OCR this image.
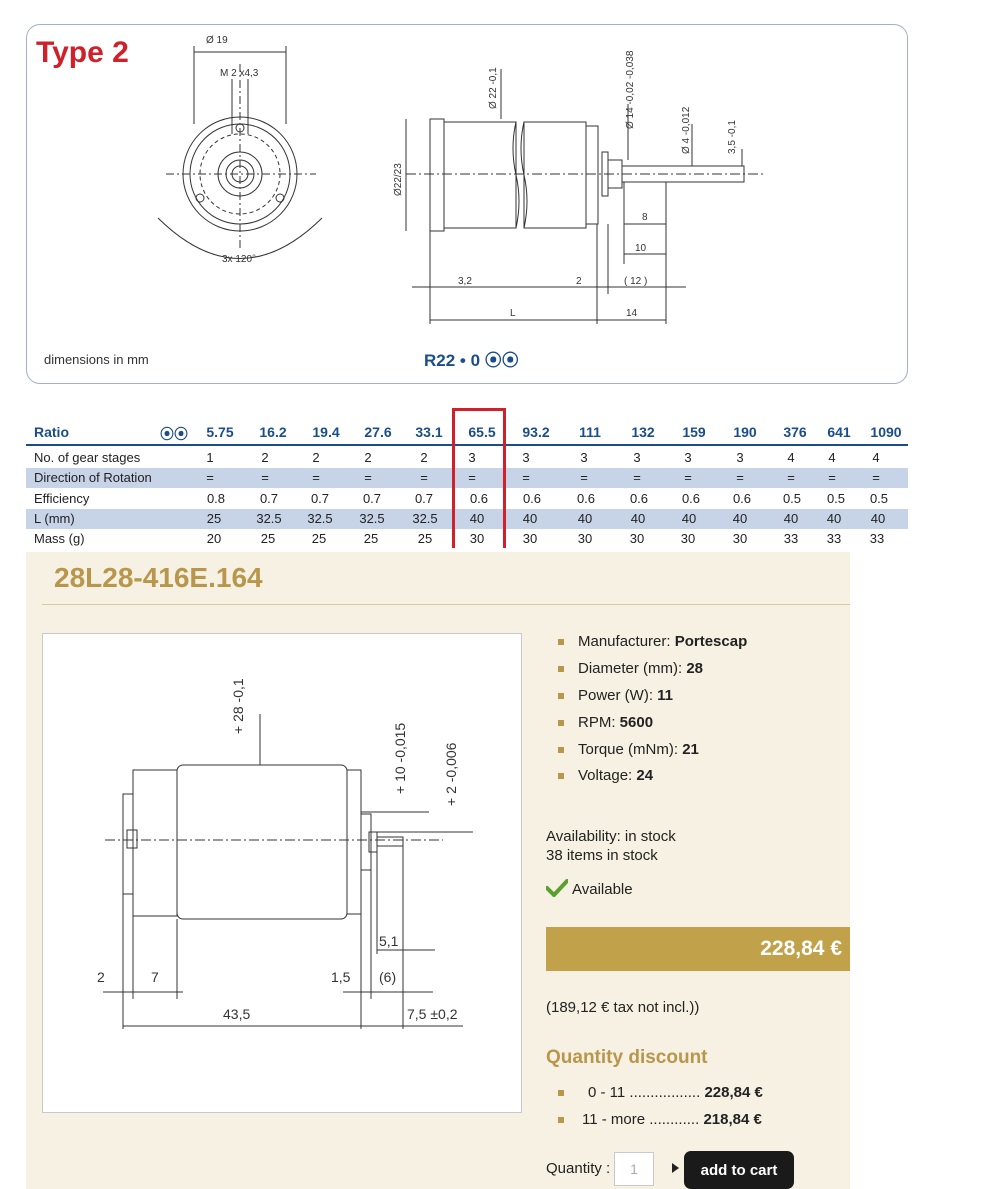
Type 2	Ø 19
M 2 x4,3
3x 120°
Ø 22 -0,1	Ø 14 -0,02 -0,038
Ø 4 -0,012	3,5 -0,1
Ø22/23
8
10
( 12 )
3,2	2
L	14
dimensions in mm	R22 • 0 ⦿⦿
Ratio	⦿⦿	5.75	16.2	19.4	27.6	33.1	65.5	93.2	111	132	159	190	376	641	1090
No. of gear stages	1	2	2	2	2	3	3	3	3	3	3	4	4	4
Direction of Rotation	=	=	=	=	=	=	=	=	=	=	=	=	=	=
Efficiency	0.8	0.7	0.7	0.7	0.7	0.6	0.6	0.6	0.6	0.6	0.6	0.5	0.5	0.5
L (mm)	25	32.5	32.5	32.5	32.5	40	40	40	40	40	40	40	40	40
Mass (g)	20	25	25	25	25	30	30	30	30	30	30	33	33	33
28L28-416E.164
+ 28 -0,1
+ 10 -0,015	+ 2 -0,006
5,1
2	7	1,5 (6)
43,5	7,5 ±0,2
Manufacturer: Portescap
Diameter (mm): 28
Power (W): 11
RPM: 5600
Torque (mNm): 21
Voltage: 24
Availability: in stock
38 items in stock
Available
228,84 €
(189,12 € tax not incl.))
Quantity discount
0 - 11 ................. 228,84 €
11 - more ............ 218,84 €
Quantity :
1	add to cart
